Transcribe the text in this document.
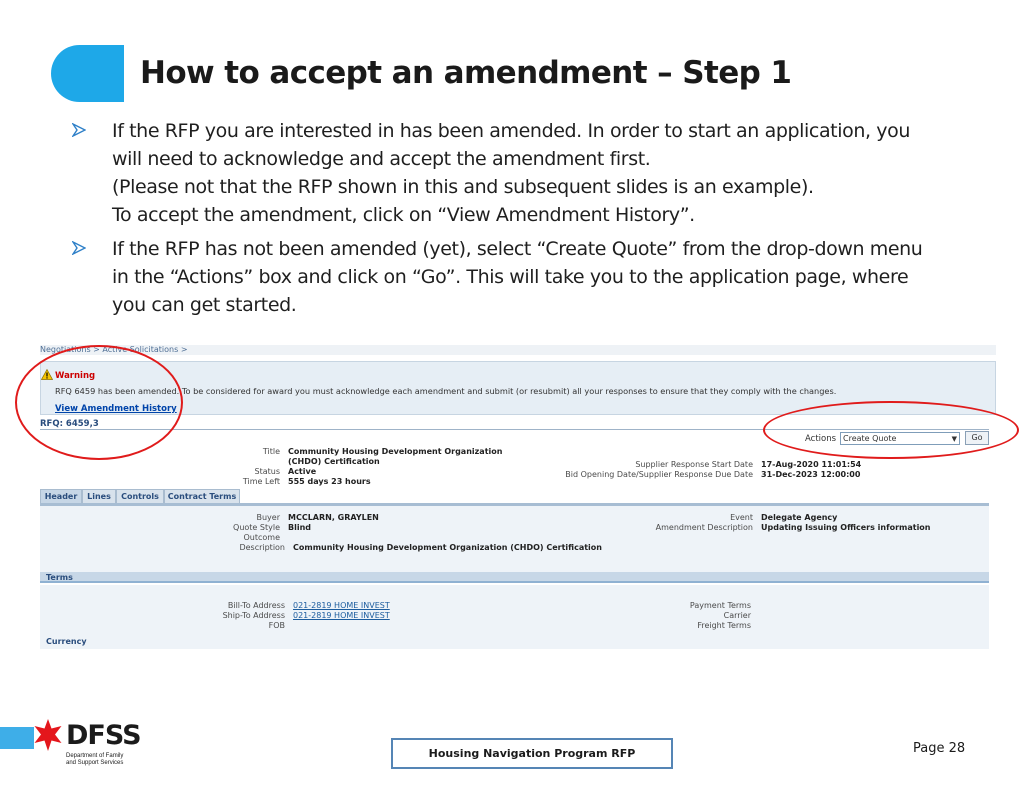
How to accept an amendment – Step 1
If the RFP you are interested in has been amended. In order to start an application, you
will need to acknowledge and accept the amendment first.
(Please not that the RFP shown in this and subsequent slides is an example).
To accept the amendment, click on “View Amendment History”.
If the RFP has not been amended (yet), select “Create Quote” from the drop-down menu
in the “Actions” box and click on “Go”. This will take you to the application page, where
you can get started.
Negotiations > Active Solicitations >
Warning
RFQ 6459 has been amended. To be considered for award you must acknowledge each amendment and submit (or resubmit) all your responses to ensure that they comply with the changes.
View Amendment History
RFQ: 6459,3
Actions Create Quote	▼	Go
Title Community Housing Development Organization
(CHDO) Certification
Status Active
Time Left 555 days 23 hours
Supplier Response Start Date 17-Aug-2020 11:01:54
Bid Opening Date/Supplier Response Due Date 31-Dec-2023 12:00:00
Header	Lines	Controls	Contract Terms
Buyer MCCLARN, GRAYLEN
Quote Style Blind
Outcome
Description Community Housing Development Organization (CHDO) Certification
Event Delegate Agency
Amendment Description Updating Issuing Officers information
Terms
Bill-To Address 021-2819 HOME INVEST
Ship-To Address 021-2819 HOME INVEST
FOB
Payment Terms
Carrier
Freight Terms
Currency
DFSS
Department of Family
and Support Services
Housing Navigation Program RFP	Page 28
